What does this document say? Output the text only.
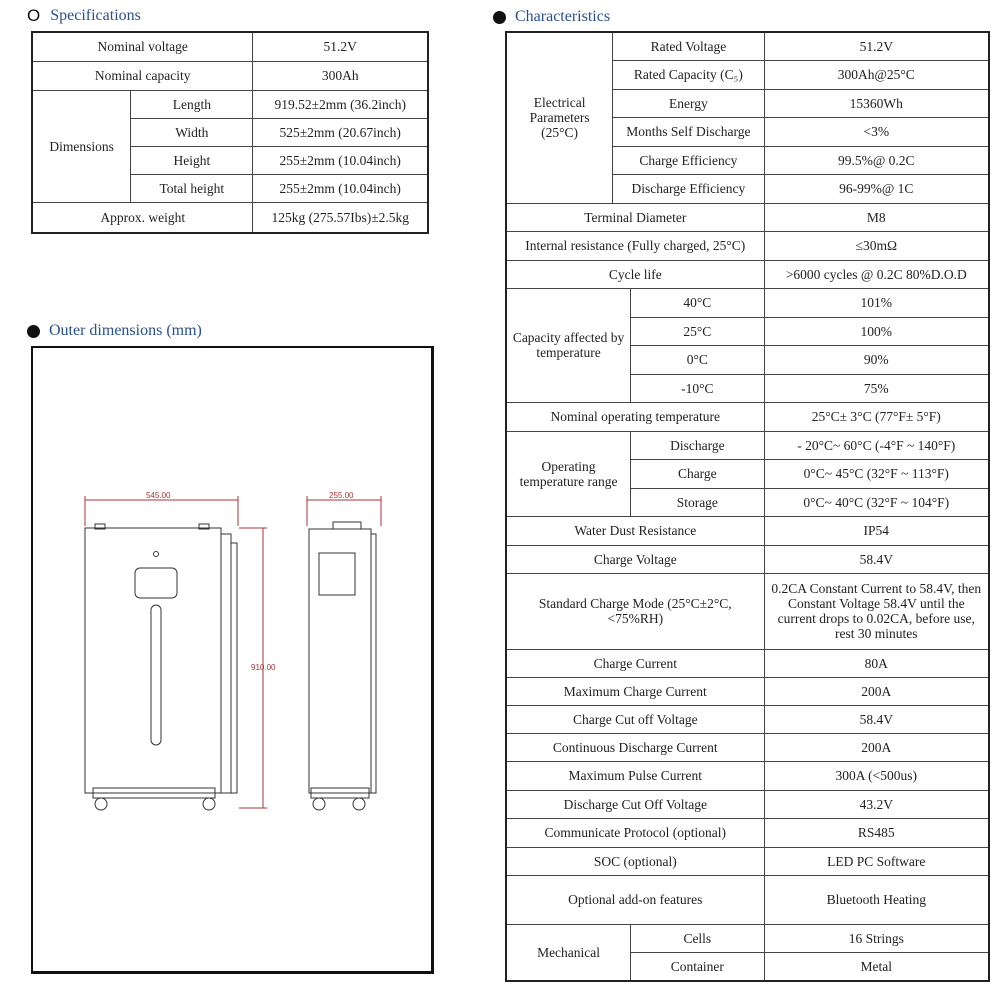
O Specifications
Nominal voltage		51.2V
Nominal capacity		300Ah
Dimensions	Length	919.52±2mm (36.2inch)
	Width	525±2mm (20.67inch)
	Height	255±2mm (10.04inch)
	Total height	255±2mm (10.04inch)
Approx. weight		125kg (275.57Ibs)±2.5kg
Outer dimensions (mm)
545.00
910.00
255.00
Characteristics
Electrical Parameters (25°C)	Rated Voltage		51.2V
	Rated Capacity (C₅)		300Ah@25°C
	Energy		15360Wh
	Months Self Discharge		<3%
	Charge Efficiency		99.5%@ 0.2C
	Discharge Efficiency		96-99%@ 1C
Terminal Diameter			M8
Internal resistance (Fully charged, 25°C)			≤30mΩ
Cycle life			>6000 cycles @ 0.2C 80%D.O.D
Capacity affected by temperature		40°C	101%
		25°C	100%
		0°C	90%
		-10°C	75%
Nominal operating temperature			25°C± 3°C (77°F± 5°F)
Operating temperature range		Discharge	- 20°C~ 60°C (-4°F ~ 140°F)
		Charge	0°C~ 45°C (32°F ~ 113°F)
		Storage	0°C~ 40°C (32°F ~ 104°F)
Water Dust Resistance			IP54
Charge Voltage			58.4V
Standard Charge Mode (25°C±2°C, <75%RH)			0.2CA Constant Current to 58.4V, then Constant Voltage 58.4V until the current drops to 0.02CA, before use, rest 30 minutes
Charge Current			80A
Maximum Charge Current			200A
Charge Cut off Voltage			58.4V
Continuous Discharge Current			200A
Maximum Pulse Current			300A (<500us)
Discharge Cut Off Voltage			43.2V
Communicate Protocol (optional)			RS485
SOC (optional)			LED PC Software
Optional add-on features			Bluetooth Heating
Mechanical		Cells	16 Strings
		Container	Metal
